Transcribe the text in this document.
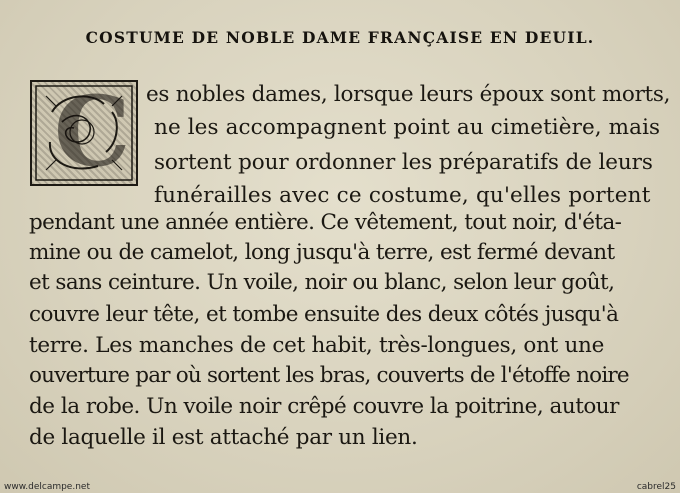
COSTUME DE NOBLE DAME FRANÇAISE EN DEUIL.
C es nobles dames, lorsque leurs époux sont morts,
ne les accompagnent point au cimetière, mais
sortent pour ordonner les préparatifs de leurs
funérailles avec ce costume, qu'elles portent
pendant une année entière. Ce vêtement, tout noir, d'éta-
mine ou de camelot, long jusqu'à terre, est fermé devant
et sans ceinture. Un voile, noir ou blanc, selon leur goût,
couvre leur tête, et tombe ensuite des deux côtés jusqu'à
terre. Les manches de cet habit, très-longues, ont une
ouverture par où sortent les bras, couverts de l'étoffe noire
de la robe. Un voile noir crêpé couvre la poitrine, autour
de laquelle il est attaché par un lien.
www.delcampe.net	cabrel25
